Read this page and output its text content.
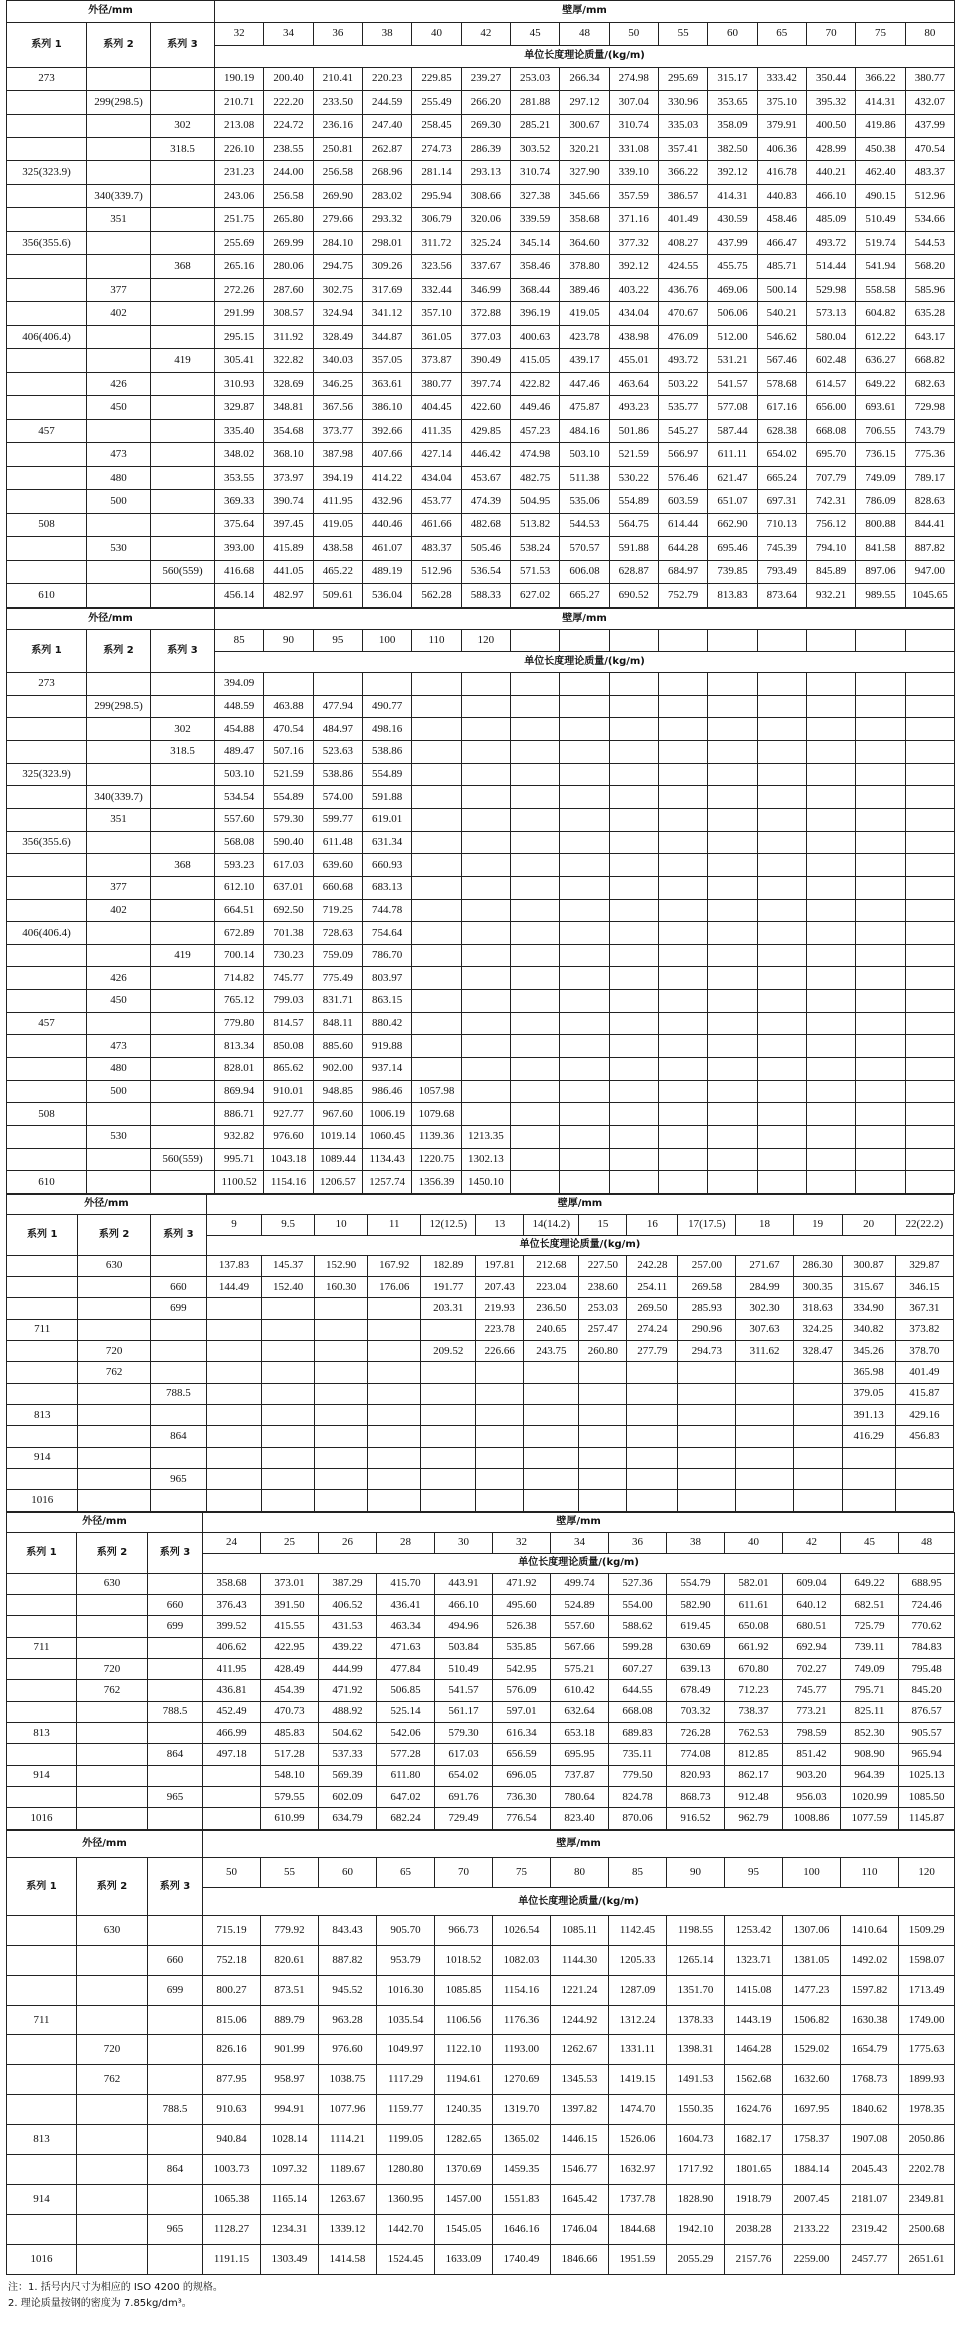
外径/mm			壁厚/mm														
系列 1	系列 2	系列 3	32	34	36	38	40	42	45	48	50	55	60	65	70	75	80
			单位长度理论质量/(kg/m)														
273			190.19	200.40	210.41	220.23	229.85	239.27	253.03	266.34	274.98	295.69	315.17	333.42	350.44	366.22	380.77
	299(298.5)		210.71	222.20	233.50	244.59	255.49	266.20	281.88	297.12	307.04	330.96	353.65	375.10	395.32	414.31	432.07
		302	213.08	224.72	236.16	247.40	258.45	269.30	285.21	300.67	310.74	335.03	358.09	379.91	400.50	419.86	437.99
		318.5	226.10	238.55	250.81	262.87	274.73	286.39	303.52	320.21	331.08	357.41	382.50	406.36	428.99	450.38	470.54
325(323.9)			231.23	244.00	256.58	268.96	281.14	293.13	310.74	327.90	339.10	366.22	392.12	416.78	440.21	462.40	483.37
	340(339.7)		243.06	256.58	269.90	283.02	295.94	308.66	327.38	345.66	357.59	386.57	414.31	440.83	466.10	490.15	512.96
	351		251.75	265.80	279.66	293.32	306.79	320.06	339.59	358.68	371.16	401.49	430.59	458.46	485.09	510.49	534.66
356(355.6)			255.69	269.99	284.10	298.01	311.72	325.24	345.14	364.60	377.32	408.27	437.99	466.47	493.72	519.74	544.53
		368	265.16	280.06	294.75	309.26	323.56	337.67	358.46	378.80	392.12	424.55	455.75	485.71	514.44	541.94	568.20
	377		272.26	287.60	302.75	317.69	332.44	346.99	368.44	389.46	403.22	436.76	469.06	500.14	529.98	558.58	585.96
	402		291.99	308.57	324.94	341.12	357.10	372.88	396.19	419.05	434.04	470.67	506.06	540.21	573.13	604.82	635.28
406(406.4)			295.15	311.92	328.49	344.87	361.05	377.03	400.63	423.78	438.98	476.09	512.00	546.62	580.04	612.22	643.17
		419	305.41	322.82	340.03	357.05	373.87	390.49	415.05	439.17	455.01	493.72	531.21	567.46	602.48	636.27	668.82
	426		310.93	328.69	346.25	363.61	380.77	397.74	422.82	447.46	463.64	503.22	541.57	578.68	614.57	649.22	682.63
	450		329.87	348.81	367.56	386.10	404.45	422.60	449.46	475.87	493.23	535.77	577.08	617.16	656.00	693.61	729.98
457			335.40	354.68	373.77	392.66	411.35	429.85	457.23	484.16	501.86	545.27	587.44	628.38	668.08	706.55	743.79
	473		348.02	368.10	387.98	407.66	427.14	446.42	474.98	503.10	521.59	566.97	611.11	654.02	695.70	736.15	775.36
	480		353.55	373.97	394.19	414.22	434.04	453.67	482.75	511.38	530.22	576.46	621.47	665.24	707.79	749.09	789.17
	500		369.33	390.74	411.95	432.96	453.77	474.39	504.95	535.06	554.89	603.59	651.07	697.31	742.31	786.09	828.63
508			375.64	397.45	419.05	440.46	461.66	482.68	513.82	544.53	564.75	614.44	662.90	710.13	756.12	800.88	844.41
	530		393.00	415.89	438.58	461.07	483.37	505.46	538.24	570.57	591.88	644.28	695.46	745.39	794.10	841.58	887.82
		560(559)	416.68	441.05	465.22	489.19	512.96	536.54	571.53	606.08	628.87	684.97	739.85	793.49	845.89	897.06	947.00
610			456.14	482.97	509.61	536.04	562.28	588.33	627.02	665.27	690.52	752.79	813.83	873.64	932.21	989.55	1045.65
外径/mm			壁厚/mm														
系列 1	系列 2	系列 3	85	90	95	100	110	120									
			单位长度理论质量/(kg/m)														
273			394.09														
	299(298.5)		448.59	463.88	477.94	490.77											
		302	454.88	470.54	484.97	498.16											
		318.5	489.47	507.16	523.63	538.86											
325(323.9)			503.10	521.59	538.86	554.89											
	340(339.7)		534.54	554.89	574.00	591.88											
	351		557.60	579.30	599.77	619.01											
356(355.6)			568.08	590.40	611.48	631.34											
		368	593.23	617.03	639.60	660.93											
	377		612.10	637.01	660.68	683.13											
	402		664.51	692.50	719.25	744.78											
406(406.4)			672.89	701.38	728.63	754.64											
		419	700.14	730.23	759.09	786.70											
	426		714.82	745.77	775.49	803.97											
	450		765.12	799.03	831.71	863.15											
457			779.80	814.57	848.11	880.42											
	473		813.34	850.08	885.60	919.88											
	480		828.01	865.62	902.00	937.14											
	500		869.94	910.01	948.85	986.46	1057.98										
508			886.71	927.77	967.60	1006.19	1079.68										
	530		932.82	976.60	1019.14	1060.45	1139.36	1213.35									
		560(559)	995.71	1043.18	1089.44	1134.43	1220.75	1302.13									
610			1100.52	1154.16	1206.57	1257.74	1356.39	1450.10									
外径/mm			壁厚/mm													
系列 1	系列 2	系列 3	9	9.5	10	11	12(12.5)	13	14(14.2)	15	16	17(17.5)	18	19	20	22(22.2)
			单位长度理论质量/(kg/m)													
	630		137.83	145.37	152.90	167.92	182.89	197.81	212.68	227.50	242.28	257.00	271.67	286.30	300.87	329.87
		660	144.49	152.40	160.30	176.06	191.77	207.43	223.04	238.60	254.11	269.58	284.99	300.35	315.67	346.15
		699					203.31	219.93	236.50	253.03	269.50	285.93	302.30	318.63	334.90	367.31
711								223.78	240.65	257.47	274.24	290.96	307.63	324.25	340.82	373.82
	720						209.52	226.66	243.75	260.80	277.79	294.73	311.62	328.47	345.26	378.70
	762														365.98	401.49
		788.5													379.05	415.87
813															391.13	429.16
		864													416.29	456.83
914																
		965														
1016																
外径/mm			壁厚/mm												
系列 1	系列 2	系列 3	24	25	26	28	30	32	34	36	38	40	42	45	48
			单位长度理论质量/(kg/m)												
	630		358.68	373.01	387.29	415.70	443.91	471.92	499.74	527.36	554.79	582.01	609.04	649.22	688.95
		660	376.43	391.50	406.52	436.41	466.10	495.60	524.89	554.00	582.90	611.61	640.12	682.51	724.46
		699	399.52	415.55	431.53	463.34	494.96	526.38	557.60	588.62	619.45	650.08	680.51	725.79	770.62
711			406.62	422.95	439.22	471.63	503.84	535.85	567.66	599.28	630.69	661.92	692.94	739.11	784.83
	720		411.95	428.49	444.99	477.84	510.49	542.95	575.21	607.27	639.13	670.80	702.27	749.09	795.48
	762		436.81	454.39	471.92	506.85	541.57	576.09	610.42	644.55	678.49	712.23	745.77	795.71	845.20
		788.5	452.49	470.73	488.92	525.14	561.17	597.01	632.64	668.08	703.32	738.37	773.21	825.11	876.57
813			466.99	485.83	504.62	542.06	579.30	616.34	653.18	689.83	726.28	762.53	798.59	852.30	905.57
		864	497.18	517.28	537.33	577.28	617.03	656.59	695.95	735.11	774.08	812.85	851.42	908.90	965.94
914				548.10	569.39	611.80	654.02	696.05	737.87	779.50	820.93	862.17	903.20	964.39	1025.13
		965		579.55	602.09	647.02	691.76	736.30	780.64	824.78	868.73	912.48	956.03	1020.99	1085.50
1016				610.99	634.79	682.24	729.49	776.54	823.40	870.06	916.52	962.79	1008.86	1077.59	1145.87
外径/mm			壁厚/mm												
系列 1	系列 2	系列 3	50	55	60	65	70	75	80	85	90	95	100	110	120
			单位长度理论质量/(kg/m)												
	630		715.19	779.92	843.43	905.70	966.73	1026.54	1085.11	1142.45	1198.55	1253.42	1307.06	1410.64	1509.29
		660	752.18	820.61	887.82	953.79	1018.52	1082.03	1144.30	1205.33	1265.14	1323.71	1381.05	1492.02	1598.07
		699	800.27	873.51	945.52	1016.30	1085.85	1154.16	1221.24	1287.09	1351.70	1415.08	1477.23	1597.82	1713.49
711			815.06	889.79	963.28	1035.54	1106.56	1176.36	1244.92	1312.24	1378.33	1443.19	1506.82	1630.38	1749.00
	720		826.16	901.99	976.60	1049.97	1122.10	1193.00	1262.67	1331.11	1398.31	1464.28	1529.02	1654.79	1775.63
	762		877.95	958.97	1038.75	1117.29	1194.61	1270.69	1345.53	1419.15	1491.53	1562.68	1632.60	1768.73	1899.93
		788.5	910.63	994.91	1077.96	1159.77	1240.35	1319.70	1397.82	1474.70	1550.35	1624.76	1697.95	1840.62	1978.35
813			940.84	1028.14	1114.21	1199.05	1282.65	1365.02	1446.15	1526.06	1604.73	1682.17	1758.37	1907.08	2050.86
		864	1003.73	1097.32	1189.67	1280.80	1370.69	1459.35	1546.77	1632.97	1717.92	1801.65	1884.14	2045.43	2202.78
914			1065.38	1165.14	1263.67	1360.95	1457.00	1551.83	1645.42	1737.78	1828.90	1918.79	2007.45	2181.07	2349.81
		965	1128.27	1234.31	1339.12	1442.70	1545.05	1646.16	1746.04	1844.68	1942.10	2038.28	2133.22	2319.42	2500.68
1016			1191.15	1303.49	1414.58	1524.45	1633.09	1740.49	1846.66	1951.59	2055.29	2157.76	2259.00	2457.77	2651.61
注：1. 括号内尺寸为相应的 ISO 4200 的规格。
2. 理论质量按钢的密度为 7.85kg/dm³。
